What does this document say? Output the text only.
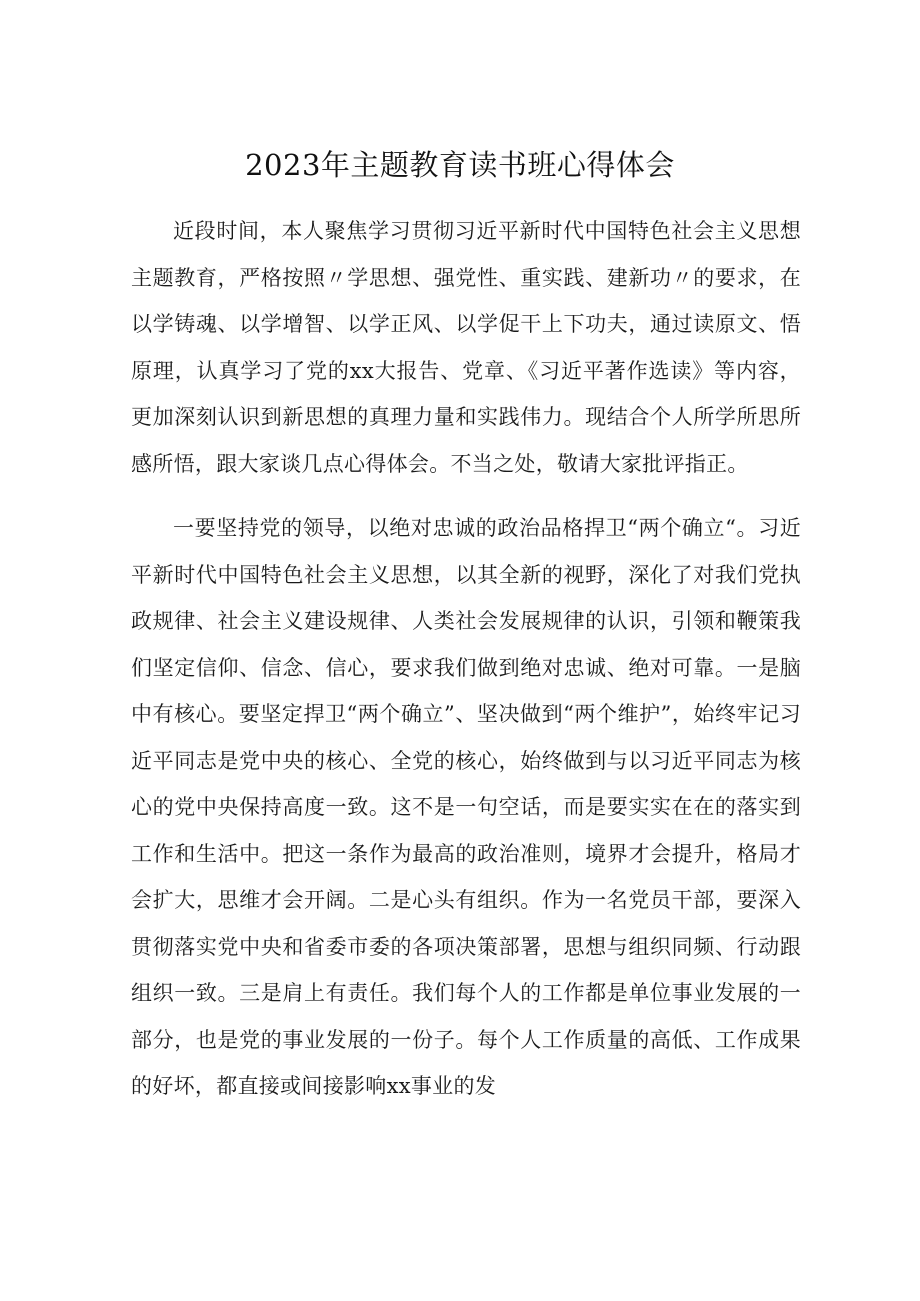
2023年主题教育读书班心得体会

近段时间，本人聚焦学习贯彻习近平新时代中国特色社会主义思想主题教育，严格按照〃学思想、强党性、重实践、建新功〃的要求，在以学铸魂、以学增智、以学正风、以学促干上下功夫，通过读原文、悟原理，认真学习了党的xx大报告、党章、《习近平著作选读》等内容，更加深刻认识到新思想的真理力量和实践伟力。现结合个人所学所思所感所悟，跟大家谈几点心得体会。不当之处，敬请大家批评指正。

一要坚持党的领导，以绝对忠诚的政治品格捍卫“两个确立“。习近平新时代中国特色社会主义思想，以其全新的视野，深化了对我们党执政规律、社会主义建设规律、人类社会发展规律的认识，引领和鞭策我们坚定信仰、信念、信心，要求我们做到绝对忠诚、绝对可靠。一是脑中有核心。要坚定捍卫“两个确立”、坚决做到“两个维护”，始终牢记习近平同志是党中央的核心、全党的核心，始终做到与以习近平同志为核心的党中央保持高度一致。这不是一句空话，而是要实实在在的落实到工作和生活中。把这一条作为最高的政治准则，境界才会提升，格局才会扩大，思维才会开阔。二是心头有组织。作为一名党员干部，要深入贯彻落实党中央和省委市委的各项决策部署，思想与组织同频、行动跟组织一致。三是肩上有责任。我们每个人的工作都是单位事业发展的一部分，也是党的事业发展的一份子。每个人工作质量的高低、工作成果的好坏，都直接或间接影响xx事业的发
